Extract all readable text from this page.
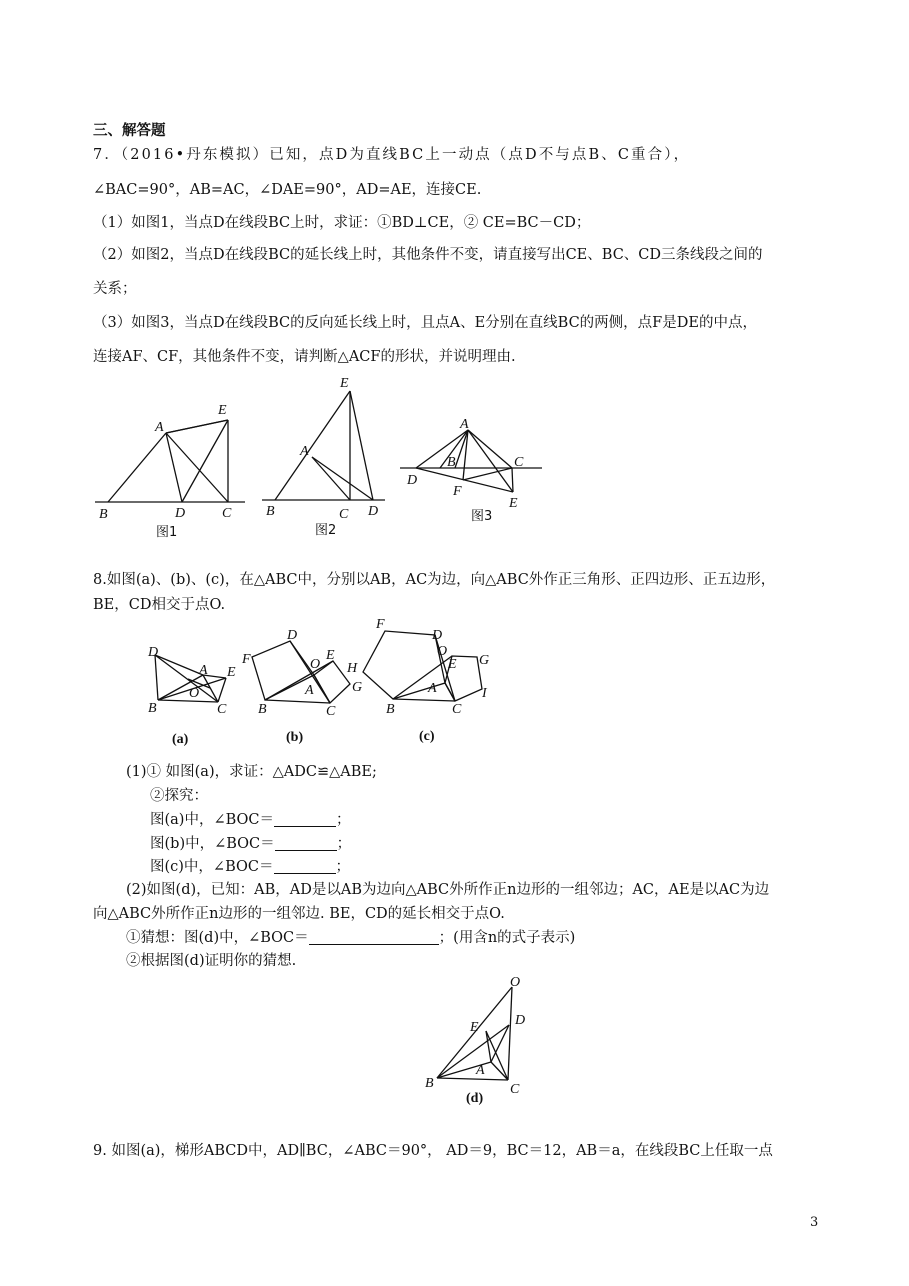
三、解答题
7．（2016•丹东模拟）已知，点D为直线BC上一动点（点D不与点B、C重合），
∠BAC=90°，AB=AC，∠DAE=90°，AD=AE，连接CE.
（1）如图1，当点D在线段BC上时，求证：①BD⊥CE，② CE=BC－CD；
（2）如图2，当点D在线段BC的延长线上时，其他条件不变，请直接写出CE、BC、CD三条线段之间的
关系；
（3）如图3，当点D在线段BC的反向延长线上时，且点A、E分别在直线BC的两侧，点F是DE的中点，
连接AF、CF，其他条件不变，请判断△ACF的形状，并说明理由.
8.如图(a)、(b)、(c)，在△ABC中，分别以AB，AC为边，向△ABC外作正三角形、正四边形、正五边形，
BE，CD相交于点O.
(1)① 如图(a)，求证：△ADC≌△ABE;
②探究：
图(a)中，∠BOC＝	；
图(b)中，∠BOC＝	；
图(c)中，∠BOC＝	；
(2)如图(d)，已知：AB，AD是以AB为边向△ABC外所作正n边形的一组邻边；AC，AE是以AC为边
向△ABC外所作正n边形的一组邻边. BE，CD的延长相交于点O.
①猜想：图(d)中，∠BOC＝	；(用含n的式子表示)
②根据图(d)证明你的猜想.
9. 如图(a)，梯形ABCD中，AD∥BC，∠ABC＝90°， AD＝9，BC＝12，AB＝a，在线段BC上任取一点
3
A
E
B	D	C
图1
E
A
B	C D
图2
A
B	C
D
F
E
图3
D
A E
O
B	C
(a)
D
F	O
E
H
A	G
B	C
(b)
F
D
O
E G
A	I
B	C
(c)
O
E	D
A
B	C
(d)
